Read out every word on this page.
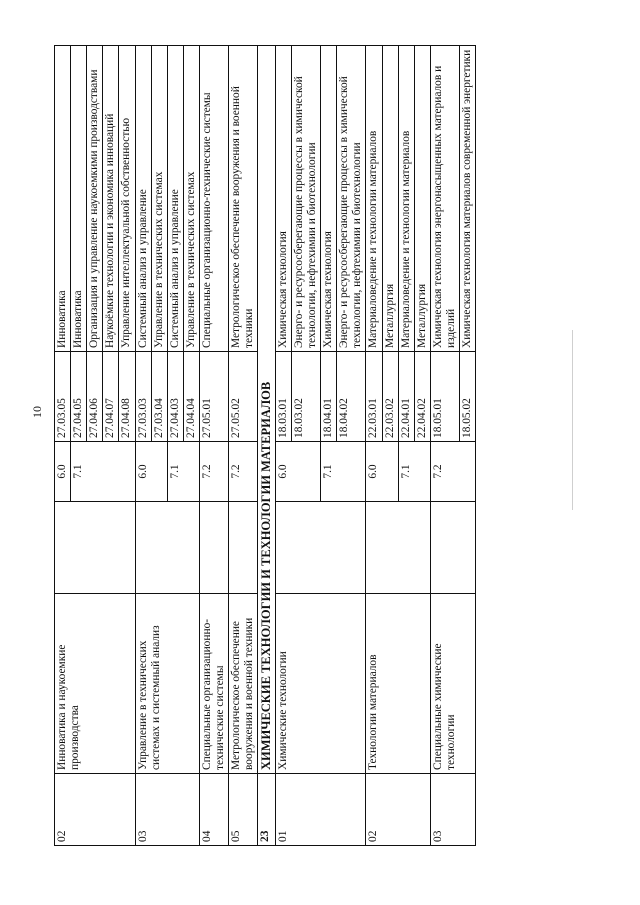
10
02	Инноватика и наукоемкие производства		6.0	27.03.05	Инноватика
			7.1	27.04.05	Инноватика
				27.04.06	Организация и управление наукоемкими производствами
				27.04.07	Наукоёмкие технологии и экономика инноваций
				27.04.08	Управление интеллектуальной собственностью
03	Управление в технических системах и системный анализ		6.0	27.03.03	Системный анализ и управление
				27.03.04	Управление в технических системах
			7.1	27.04.03	Системный анализ и управление
				27.04.04	Управление в технических системах
04	Специальные организационно-технические системы		7.2	27.05.01	Специальные организационно-технические системы
05	Метрологическое обеспечение вооружения и военной техники		7.2	27.05.02	Метрологическое обеспечение вооружения и военной техники
23	ХИМИЧЕСКИЕ ТЕХНОЛОГИИ И ТЕХНОЛОГИИ МАТЕРИАЛОВ				
01	Химические технологии		6.0	18.03.01	Химическая технология
				18.03.02	Энерго- и ресурсосберегающие процессы в химической технологии, нефтехимии и биотехнологии
			7.1	18.04.01	Химическая технология
				18.04.02	Энерго- и ресурсосберегающие процессы в химической технологии, нефтехимии и биотехнологии
02	Технологии материалов		6.0	22.03.01	Материаловедение и технологии материалов
				22.03.02	Металлургия
			7.1	22.04.01	Материаловедение и технологии материалов
				22.04.02	Металлургия
03	Специальные химические технологии		7.2	18.05.01	Химическая технология энергонасыщенных материалов и изделий
				18.05.02	Химическая технология материалов современной энергетики
